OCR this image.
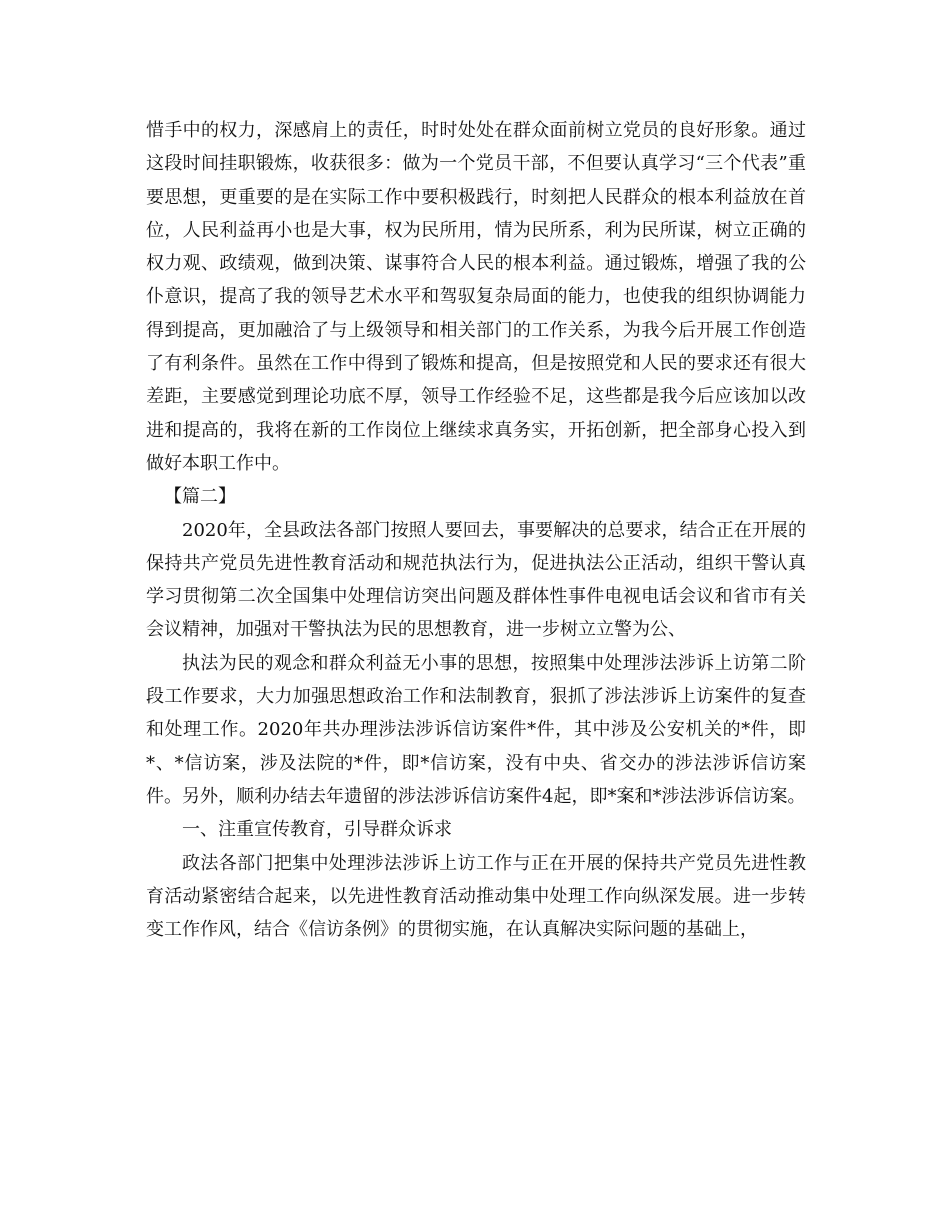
惜手中的权力，深感肩上的责任，时时处处在群众面前树立党员的良好形象。通过这段时间挂职锻炼，收获很多：做为一个党员干部，不但要认真学习“三个代表”重要思想，更重要的是在实际工作中要积极践行，时刻把人民群众的根本利益放在首位，人民利益再小也是大事，权为民所用，情为民所系，利为民所谋，树立正确的权力观、政绩观，做到决策、谋事符合人民的根本利益。通过锻炼，增强了我的公仆意识，提高了我的领导艺术水平和驾驭复杂局面的能力，也使我的组织协调能力得到提高，更加融洽了与上级领导和相关部门的工作关系，为我今后开展工作创造了有利条件。虽然在工作中得到了锻炼和提高，但是按照党和人民的要求还有很大差距，主要感觉到理论功底不厚，领导工作经验不足，这些都是我今后应该加以改进和提高的，我将在新的工作岗位上继续求真务实，开拓创新，把全部身心投入到做好本职工作中。

【篇二】

2020年，全县政法各部门按照人要回去，事要解决的总要求，结合正在开展的保持共产党员先进性教育活动和规范执法行为，促进执法公正活动，组织干警认真学习贯彻第二次全国集中处理信访突出问题及群体性事件电视电话会议和省市有关会议精神，加强对干警执法为民的思想教育，进一步树立立警为公、

执法为民的观念和群众利益无小事的思想，按照集中处理涉法涉诉上访第二阶段工作要求，大力加强思想政治工作和法制教育，狠抓了涉法涉诉上访案件的复查和处理工作。2020年共办理涉法涉诉信访案件*件，其中涉及公安机关的*件，即*、*信访案，涉及法院的*件，即*信访案，没有中央、省交办的涉法涉诉信访案件。另外，顺利办结去年遗留的涉法涉诉信访案件4起，即*案和*涉法涉诉信访案。

一、注重宣传教育，引导群众诉求

政法各部门把集中处理涉法涉诉上访工作与正在开展的保持共产党员先进性教育活动紧密结合起来，以先进性教育活动推动集中处理工作向纵深发展。进一步转变工作作风，结合《信访条例》的贯彻实施，在认真解决实际问题的基础上，
